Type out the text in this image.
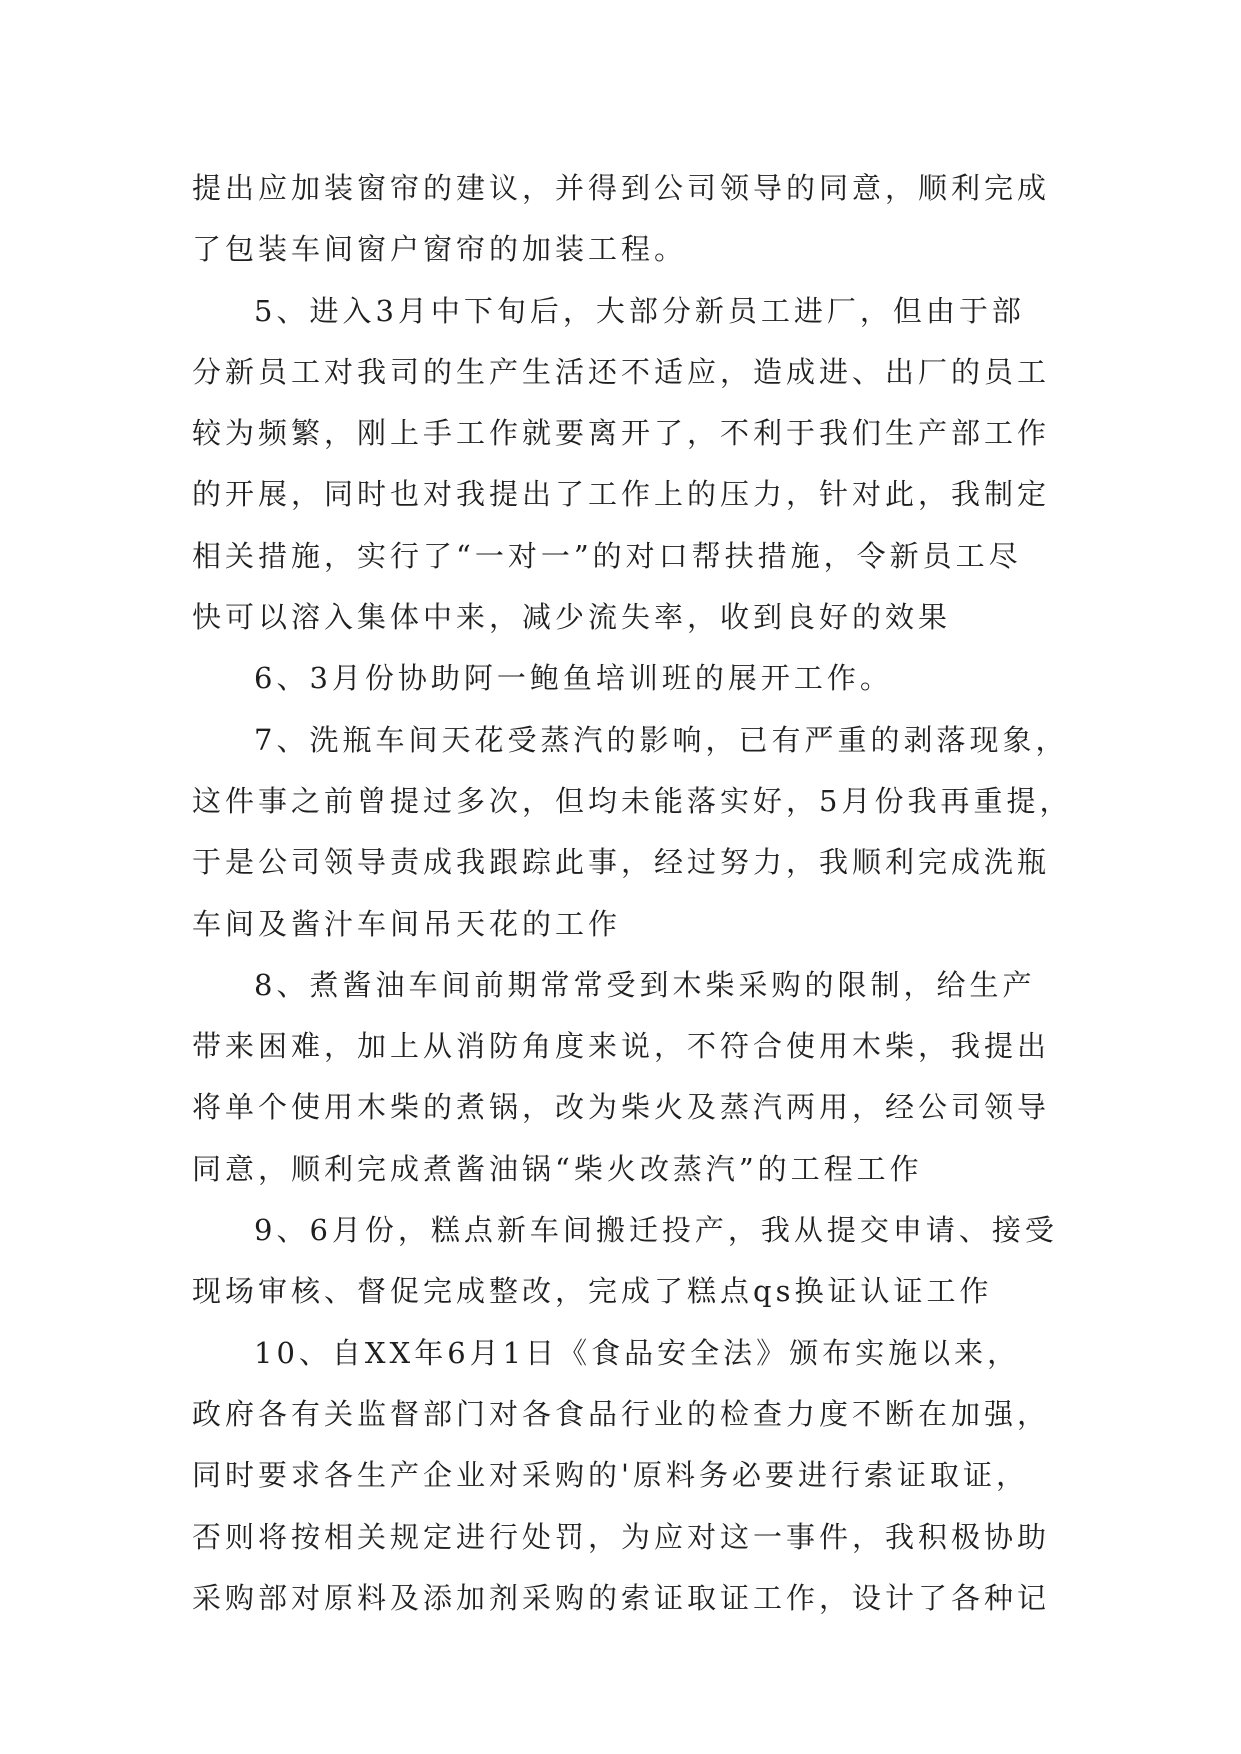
提出应加装窗帘的建议，并得到公司领导的同意，顺利完成
了包装车间窗户窗帘的加装工程。
5、进入3月中下旬后，大部分新员工进厂，但由于部
分新员工对我司的生产生活还不适应，造成进、出厂的员工
较为频繁，刚上手工作就要离开了，不利于我们生产部工作
的开展，同时也对我提出了工作上的压力，针对此，我制定
相关措施，实行了“一对一”的对口帮扶措施，令新员工尽
快可以溶入集体中来，减少流失率，收到良好的效果
6、3月份协助阿一鲍鱼培训班的展开工作。
7、洗瓶车间天花受蒸汽的影响，已有严重的剥落现象，
这件事之前曾提过多次，但均未能落实好，5月份我再重提，
于是公司领导责成我跟踪此事，经过努力，我顺利完成洗瓶
车间及酱汁车间吊天花的工作
8、煮酱油车间前期常常受到木柴采购的限制，给生产
带来困难，加上从消防角度来说，不符合使用木柴，我提出
将单个使用木柴的煮锅，改为柴火及蒸汽两用，经公司领导
同意，顺利完成煮酱油锅“柴火改蒸汽”的工程工作
9、6月份，糕点新车间搬迁投产，我从提交申请、接受
现场审核、督促完成整改，完成了糕点qs换证认证工作
10、自XX年6月1日《食品安全法》颁布实施以来，
政府各有关监督部门对各食品行业的检查力度不断在加强，
同时要求各生产企业对采购的'原料务必要进行索证取证，
否则将按相关规定进行处罚，为应对这一事件，我积极协助
采购部对原料及添加剂采购的索证取证工作，设计了各种记
